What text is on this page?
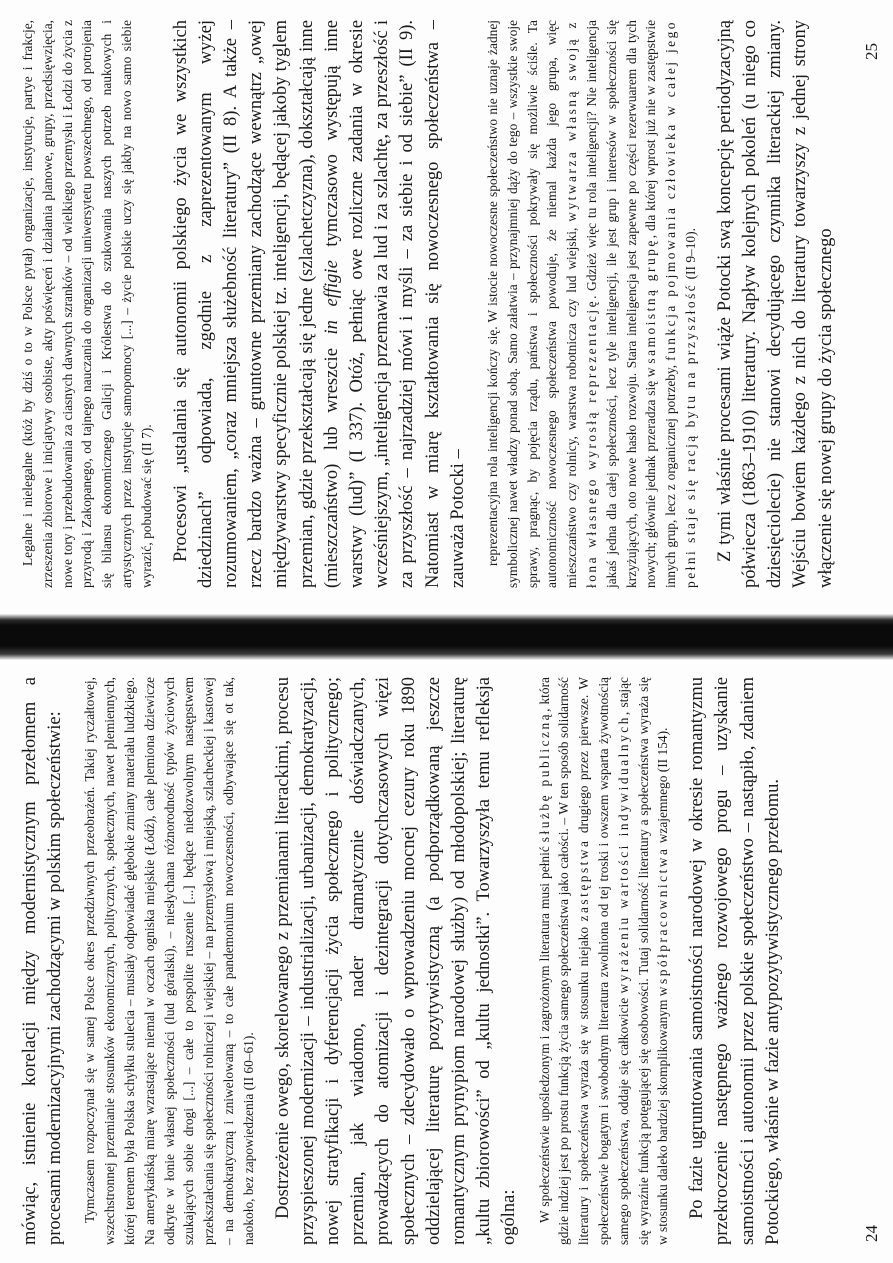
Legalne i nielegalne (któż by dziś o to w Polsce pytał) organizacje, instytucje, partye i frakcje, zrzeszenia zbiorowe i inicjatywy osobiste, akty poświęceń i działania planowe, grupy, przedsięwzięcia, nowe tory i przebudowania za ciasnych dawnych szranków – od wielkiego przemysłu i Łodzi do życia z przyrodą i Zakopanego, od tajnego nauczania do organizacji uniwersytetu powszechnego, od potrojenia się bilansu ekonomicznego Galicji i Królestwa do szukowania naszych potrzeb naukowych i artystycznych przez instytucje samopomocy [...] – życie polskie uczy się jakby na nowo samo siebie wyrazić, pobudować się (II 7). Procesowi „ustalania się autonomii polskiego życia we wszystkich dziedzinach” odpowiada, zgodnie z zaprezentowanym wyżej rozumowaniem, „coraz mniejsza służebność literatury” (II 8). A także – rzecz bardzo ważna – gruntowne przemiany zachodzące wewnątrz „owej międzywarstwy specyficznie polskiej tz. inteligencji, będącej jakoby tyglem przemian, gdzie przekształcają się jedne (szlachetczyzna), dokształcają inne (mieszczaństwo) lub wreszcie in effigie tymczasowo występują inne warstwy (lud)” (I 337). Otóż, pełniąc owe rozliczne zadania w okresie wcześniejszym, „inteligencja przemawia za lud i za szlachtę, za przeszłość i za przyszłość – najrzadziej mówi i myśli – za siebie i od siebie” (II 9). Natomiast w miarę kształtowania się nowoczesnego społeczeństwa – zauważa Potocki – reprezentacyjna rola inteligencji kończy się. W istocie nowoczesne społeczeństwo nie uznaje żadnej symbolicznej nawet władzy ponad sobą. Samo załatwia – przynajmniej dąży do tego – wszystkie swoje sprawy, pragnąc, by pojęcia rządu, państwa i społeczności pokrywały się możliwie ściśle. Ta autonomiczność nowoczesnego społeczeństwa powoduje, że niemal każda jego grupa, więc mieszczaństwo czy rolnicy, warstwa robotnicza czy lud wiejski, wytwarza własną swoją z łona własnego wyrosłą reprezentację. Gdzież więc tu rola inteligencji? Nie inteligencja jakaś jedna dla całej społeczności, lecz tyle inteligencji, ile jest grup i interesów w społeczności się krzyżujących, oto nowe hasło rozwoju. Stara inteligencja jest zapewne po części rezerwuarem dla tych nowych; głównie jednak przeradza się w samoistną grupę, dla której wprost już nie w zastępstwie innych grup, lecz z organicznej potrzeby, funkcja pojmowania człowieka w całej jego pełni staje się racją bytu na przyszłość (II 9–10). Z tymi właśnie procesami wiąże Potocki swą koncepcję periodyzacyjną półwiecza (1863–1910) literatury. Napływ kolejnych pokoleń (u niego co dziesięciolecie) nie stanowi decydującego czynnika literackiej zmiany. Wejściu bowiem każdego z nich do literatury towarzyszy z jednej strony włączenie się nowej grupy do życia społecznego

25

mówiąc, istnienie korelacji między modernistycznym przełomem a procesami modernizacyjnymi zachodzącymi w polskim społeczeństwie: Tymczasem rozpoczynał się w samej Polsce okres przedziwnych przeobrażeń. Takiej ryczałtowej, wszechstronnej przemianie stosunków ekonomicznych, politycznych, społecznych, nawet plemiennych, której terenem była Polska schyłku stulecia – musiały odpowiadać głębokie zmiany materiału ludzkiego. Na amerykańską miarę wzrastające niemal w oczach ogniska miejskie (Łódź), całe plemiona dziewicze odkryte w łonie własnej społeczności (lud góralski), – niesłychana różnorodność typów życiowych szukających sobie drogi [...] – całe to pospolite ruszenie [...] będące niedozwolnym następstwem przekształcania się społeczności rolniczej i wiejskiej – na przemysłową i miejską, szlacheckiej i kastowej – na demokratyczną i zniwelowaną – to całe pandemonium nowoczesności, odbywające się ot tak, naokoło, bez zapowiedzenia (II 60–61). Dostrzeżenie owego, skorelowanego z przemianami literackimi, procesu przyspieszonej modernizacji – industrializacji, urbanizacji, demokratyzacji, nowej stratyfikacji i dyferencjacji życia społecznego i politycznego; przemian, jak wiadomo, nader dramatycznie doświadczanych, prowadzących do atomizacji i dezintegracji dotychczasowych więzi społecznych – zdecydowało o wprowadzeniu mocnej cezury roku 1890 oddzielającej literaturę pozytywistyczną (a podporządkowaną jeszcze romantycznym prynypiom narodowej służby) od młodopolskiej; literaturę „kultu zbiorowości” od „kultu jednostki”. Towarzyszyła temu refleksja ogólna: W społeczeństwie upośledzonym i zagrożonym literatura musi pełnić służbę publiczną, która gdzie indziej jest po prostu funkcją życia samego społeczeństwa jako całości. – W ten sposób solidarność literatury i społeczeństwa wyraża się w stosunku niejako zastępstwa drugiego przez pierwsze. W społeczeństwie bogatym i swobodnym literatura zwolniona od tej troski i owszem wsparta żywotnością samego społeczeństwa, oddaje się całkowicie wyrażeniu wartości indywidualnych, stając się wyraźnie funkcją potęgującej się osobowości. Tutaj solidarność literatury a społeczeństwa wyraża się w stosunku daleko bardziej skomplikowanym współpracownictwa wzajemnego (II 154). Po fazie ugruntowania samoistności narodowej w okresie romantyzmu przekroczenie następnego ważnego rozwojowego progu – uzyskanie samoistności i autonomii przez polskie społeczeństwo – nastąpiło, zdaniem Potockiego, właśnie w fazie antypozytywistycznego przełomu.	24
